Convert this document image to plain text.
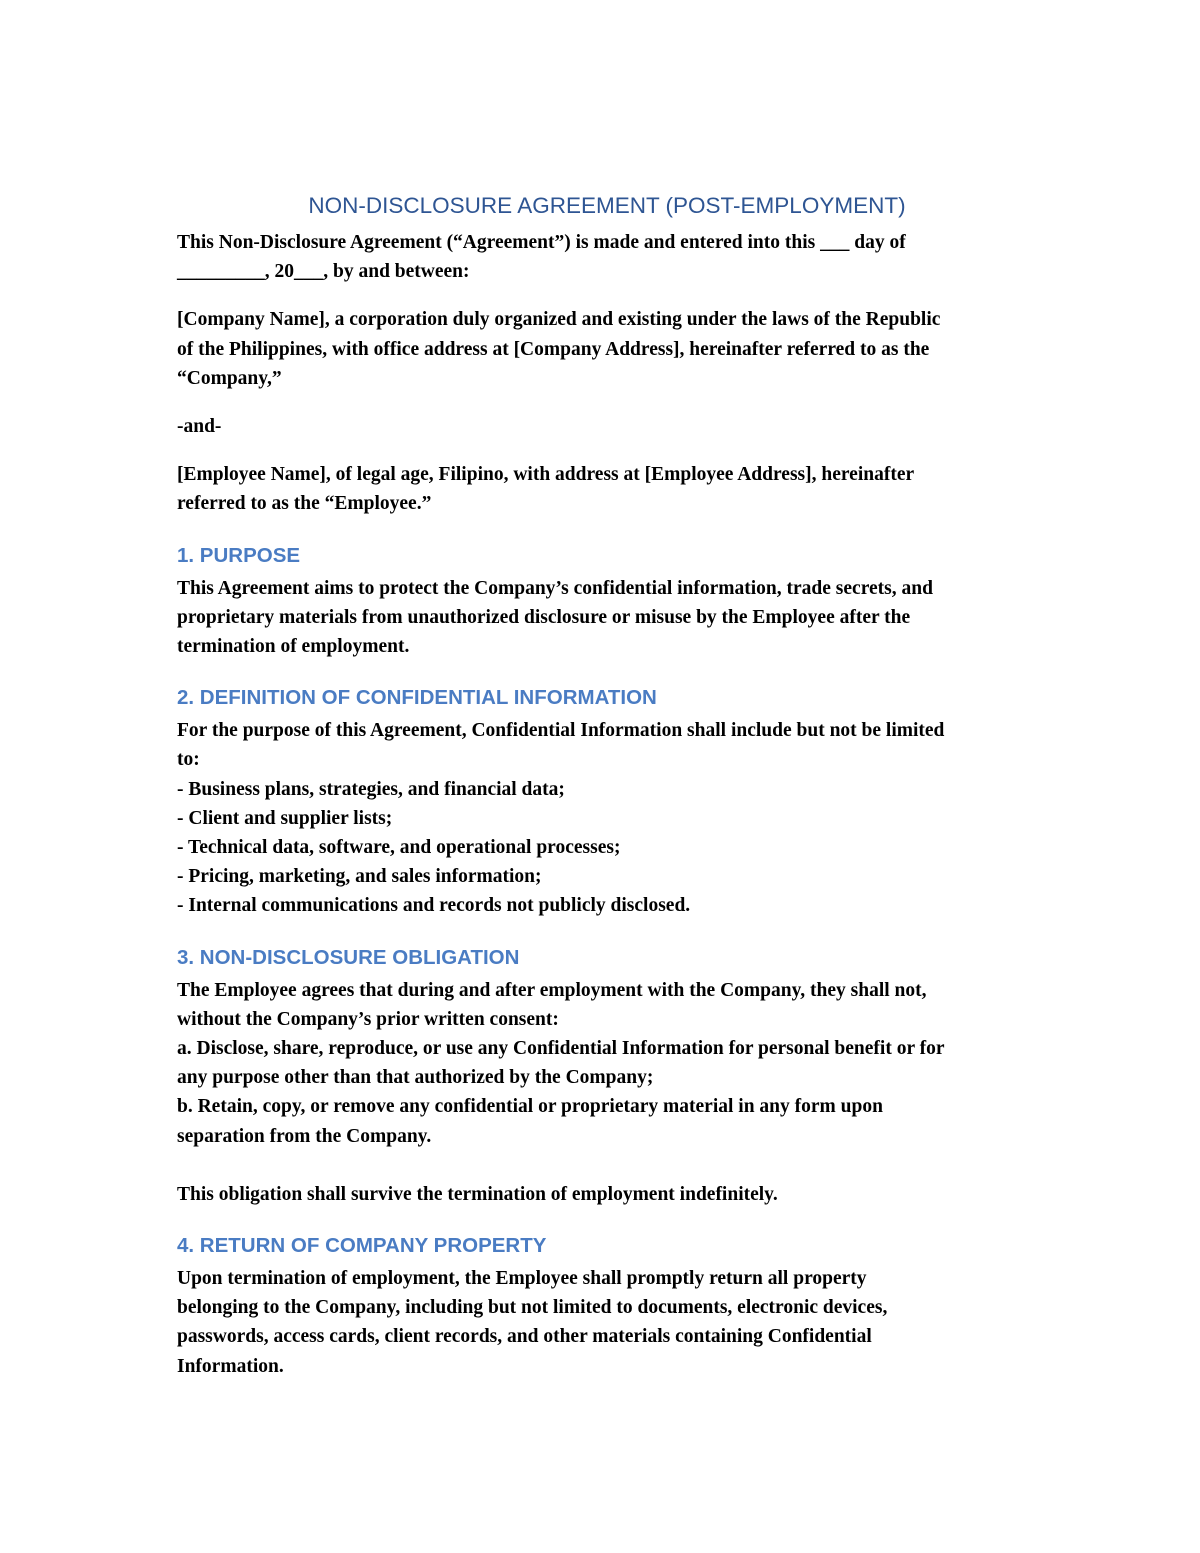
NON-DISCLOSURE AGREEMENT (POST-EMPLOYMENT)

This Non-Disclosure Agreement (“Agreement”) is made and entered into this ___ day of
_________, 20___, by and between:

[Company Name], a corporation duly organized and existing under the laws of the Republic
of the Philippines, with office address at [Company Address], hereinafter referred to as the
“Company,”

-and-

[Employee Name], of legal age, Filipino, with address at [Employee Address], hereinafter
referred to as the “Employee.”

1. PURPOSE

This Agreement aims to protect the Company’s confidential information, trade secrets, and
proprietary materials from unauthorized disclosure or misuse by the Employee after the
termination of employment.

2. DEFINITION OF CONFIDENTIAL INFORMATION

For the purpose of this Agreement, Confidential Information shall include but not be limited
to:
- Business plans, strategies, and financial data;
- Client and supplier lists;
- Technical data, software, and operational processes;
- Pricing, marketing, and sales information;
- Internal communications and records not publicly disclosed.

3. NON-DISCLOSURE OBLIGATION

The Employee agrees that during and after employment with the Company, they shall not,
without the Company’s prior written consent:
a. Disclose, share, reproduce, or use any Confidential Information for personal benefit or for
any purpose other than that authorized by the Company;
b. Retain, copy, or remove any confidential or proprietary material in any form upon
separation from the Company.
This obligation shall survive the termination of employment indefinitely.

4. RETURN OF COMPANY PROPERTY

Upon termination of employment, the Employee shall promptly return all property
belonging to the Company, including but not limited to documents, electronic devices,
passwords, access cards, client records, and other materials containing Confidential
Information.
